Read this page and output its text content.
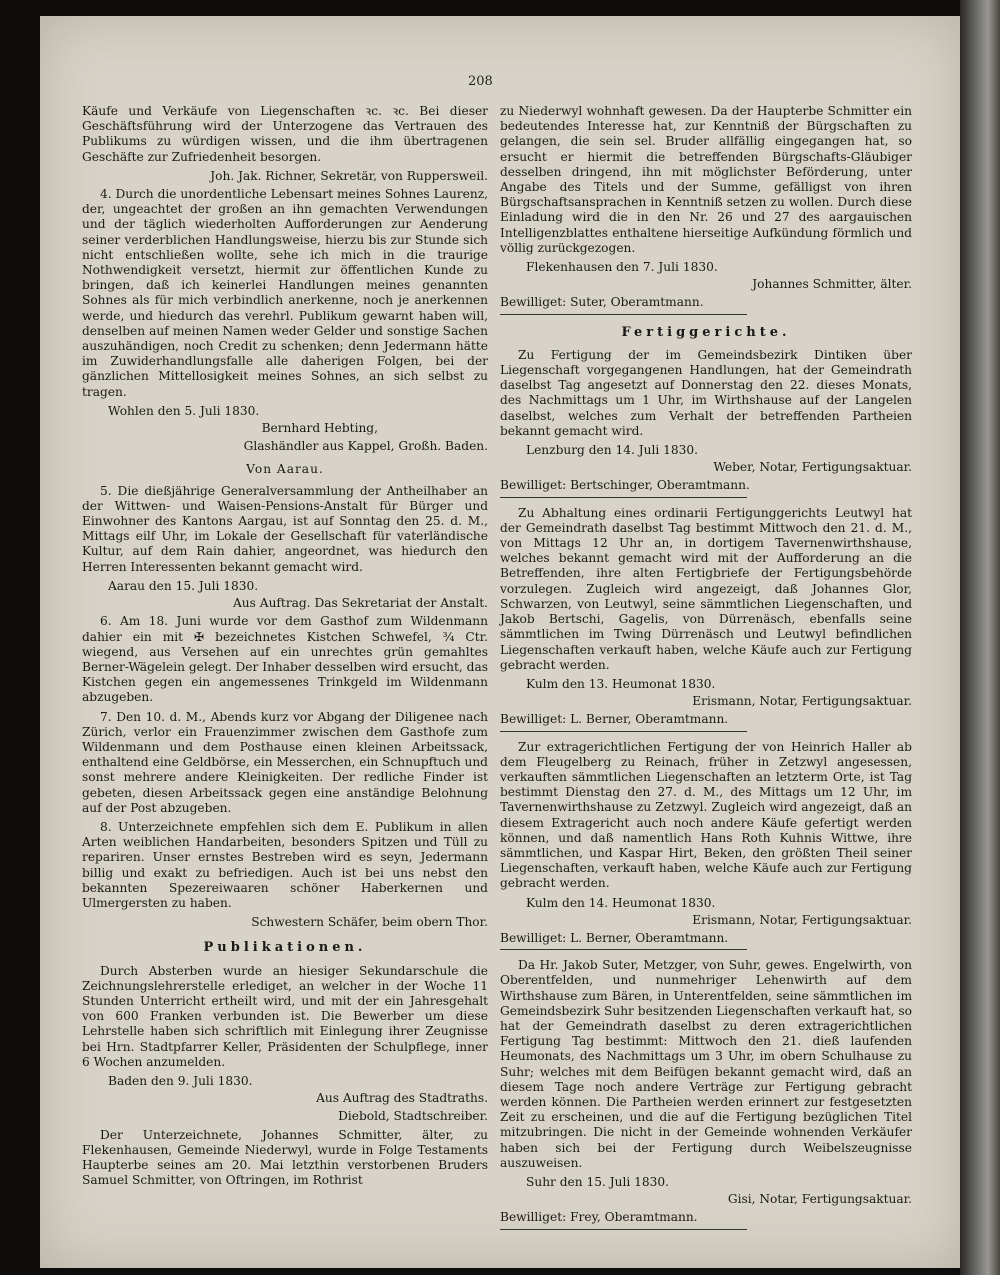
208

Käufe und Verkäufe von Liegenschaften ꝛc. ꝛc. Bei dieser Geschäftsführung wird der Unterzogene das Vertrauen des Publikums zu würdigen wissen, und die ihm übertragenen Geschäfte zur Zufriedenheit besorgen.

Joh. Jak. Richner, Sekretär, von Ruppersweil.

4. Durch die unordentliche Lebensart meines Sohnes Laurenz, der, ungeachtet der großen an ihn gemachten Verwendungen und der täglich wiederholten Aufforderungen zur Aenderung seiner verderblichen Handlungsweise, hierzu bis zur Stunde sich nicht entschließen wollte, sehe ich mich in die traurige Nothwendigkeit versetzt, hiermit zur öffentlichen Kunde zu bringen, daß ich keinerlei Handlungen meines genannten Sohnes als für mich verbindlich anerkenne, noch je anerkennen werde, und hiedurch das verehrl. Publikum gewarnt haben will, denselben auf meinen Namen weder Gelder und sonstige Sachen auszuhändigen, noch Credit zu schenken; denn Jedermann hätte im Zuwiderhandlungsfalle alle daherigen Folgen, bei der gänzlichen Mittellosigkeit meines Sohnes, an sich selbst zu tragen.

Wohlen den 5. Juli 1830.
Bernhard Hebting,
Glashändler aus Kappel, Großh. Baden.
Von Aarau.

5. Die dießjährige Generalversammlung der Antheilhaber an der Wittwen- und Waisen-Pensions-Anstalt für Bürger und Einwohner des Kantons Aargau, ist auf Sonntag den 25. d. M., Mittags eilf Uhr, im Lokale der Gesellschaft für vaterländische Kultur, auf dem Rain dahier, angeordnet, was hiedurch den Herren Interessenten bekannt gemacht wird.

Aarau den 15. Juli 1830.
Aus Auftrag. Das Sekretariat der Anstalt.

6. Am 18. Juni wurde vor dem Gasthof zum Wildenmann dahier ein mit ✠ bezeichnetes Kistchen Schwefel, ¾ Ctr. wiegend, aus Versehen auf ein unrechtes grün gemahltes Berner-Wägelein gelegt. Der Inhaber desselben wird ersucht, das Kistchen gegen ein angemessenes Trinkgeld im Wildenmann abzugeben.

7. Den 10. d. M., Abends kurz vor Abgang der Diligenee nach Zürich, verlor ein Frauenzimmer zwischen dem Gasthofe zum Wildenmann und dem Posthause einen kleinen Arbeitssack, enthaltend eine Geldbörse, ein Messerchen, ein Schnupftuch und sonst mehrere andere Kleinigkeiten. Der redliche Finder ist gebeten, diesen Arbeitssack gegen eine anständige Belohnung auf der Post abzugeben.

8. Unterzeichnete empfehlen sich dem E. Publikum in allen Arten weiblichen Handarbeiten, besonders Spitzen und Tüll zu repariren. Unser ernstes Bestreben wird es seyn, Jedermann billig und exakt zu befriedigen. Auch ist bei uns nebst den bekannten Spezereiwaaren schöner Haberkernen und Ulmergersten zu haben.

Schwestern Schäfer, beim obern Thor.
Publikationen.

Durch Absterben wurde an hiesiger Sekundarschule die Zeichnungslehrerstelle erlediget, an welcher in der Woche 11 Stunden Unterricht ertheilt wird, und mit der ein Jahresgehalt von 600 Franken verbunden ist. Die Bewerber um diese Lehrstelle haben sich schriftlich mit Einlegung ihrer Zeugnisse bei Hrn. Stadtpfarrer Keller, Präsidenten der Schulpflege, inner 6 Wochen anzumelden.

Baden den 9. Juli 1830.
Aus Auftrag des Stadtraths.
Diebold, Stadtschreiber.

Der Unterzeichnete, Johannes Schmitter, älter, zu Flekenhausen, Gemeinde Niederwyl, wurde in Folge Testaments Haupterbe seines am 20. Mai letzthin verstorbenen Bruders Samuel Schmitter, von Oftringen, im Rothrist

zu Niederwyl wohnhaft gewesen. Da der Haupterbe Schmitter ein bedeutendes Interesse hat, zur Kenntniß der Bürgschaften zu gelangen, die sein sel. Bruder allfällig eingegangen hat, so ersucht er hiermit die betreffenden Bürgschafts-Gläubiger desselben dringend, ihn mit möglichster Beförderung, unter Angabe des Titels und der Summe, gefälligst von ihren Bürgschaftsansprachen in Kenntniß setzen zu wollen. Durch diese Einladung wird die in den Nr. 26 und 27 des aargauischen Intelligenzblattes enthaltene hierseitige Aufkündung förmlich und völlig zurückgezogen.

Flekenhausen den 7. Juli 1830.
Johannes Schmitter, älter.
Bewilliget: Suter, Oberamtmann.
Fertiggerichte.

Zu Fertigung der im Gemeindsbezirk Dintiken über Liegenschaft vorgegangenen Handlungen, hat der Gemeindrath daselbst Tag angesetzt auf Donnerstag den 22. dieses Monats, des Nachmittags um 1 Uhr, im Wirthshause auf der Langelen daselbst, welches zum Verhalt der betreffenden Partheien bekannt gemacht wird.

Lenzburg den 14. Juli 1830.
Weber, Notar, Fertigungsaktuar.
Bewilliget: Bertschinger, Oberamtmann.

Zu Abhaltung eines ordinarii Fertigunggerichts Leutwyl hat der Gemeindrath daselbst Tag bestimmt Mittwoch den 21. d. M., von Mittags 12 Uhr an, in dortigem Tavernenwirthshause, welches bekannt gemacht wird mit der Aufforderung an die Betreffenden, ihre alten Fertigbriefe der Fertigungsbehörde vorzulegen. Zugleich wird angezeigt, daß Johannes Glor, Schwarzen, von Leutwyl, seine sämmtlichen Liegenschaften, und Jakob Bertschi, Gagelis, von Dürrenäsch, ebenfalls seine sämmtlichen im Twing Dürrenäsch und Leutwyl befindlichen Liegenschaften verkauft haben, welche Käufe auch zur Fertigung gebracht werden.

Kulm den 13. Heumonat 1830.
Erismann, Notar, Fertigungsaktuar.
Bewilliget: L. Berner, Oberamtmann.

Zur extragerichtlichen Fertigung der von Heinrich Haller ab dem Fleugelberg zu Reinach, früher in Zetzwyl angesessen, verkauften sämmtlichen Liegenschaften an letzterm Orte, ist Tag bestimmt Dienstag den 27. d. M., des Mittags um 12 Uhr, im Tavernenwirthshause zu Zetzwyl. Zugleich wird angezeigt, daß an diesem Extragericht auch noch andere Käufe gefertigt werden können, und daß namentlich Hans Roth Kuhnis Wittwe, ihre sämmtlichen, und Kaspar Hirt, Beken, den größten Theil seiner Liegenschaften, verkauft haben, welche Käufe auch zur Fertigung gebracht werden.

Kulm den 14. Heumonat 1830.
Erismann, Notar, Fertigungsaktuar.
Bewilliget: L. Berner, Oberamtmann.

Da Hr. Jakob Suter, Metzger, von Suhr, gewes. Engelwirth, von Oberentfelden, und nunmehriger Lehenwirth auf dem Wirthshause zum Bären, in Unterentfelden, seine sämmtlichen im Gemeindsbezirk Suhr besitzenden Liegenschaften verkauft hat, so hat der Gemeindrath daselbst zu deren extragerichtlichen Fertigung Tag bestimmt: Mittwoch den 21. dieß laufenden Heumonats, des Nachmittags um 3 Uhr, im obern Schulhause zu Suhr; welches mit dem Beifügen bekannt gemacht wird, daß an diesem Tage noch andere Verträge zur Fertigung gebracht werden können. Die Partheien werden erinnert zur festgesetzten Zeit zu erscheinen, und die auf die Fertigung bezüglichen Titel mitzubringen. Die nicht in der Gemeinde wohnenden Verkäufer haben sich bei der Fertigung durch Weibelszeugnisse auszuweisen.

Suhr den 15. Juli 1830.
Gisi, Notar, Fertigungsaktuar.
Bewilliget: Frey, Oberamtmann.
